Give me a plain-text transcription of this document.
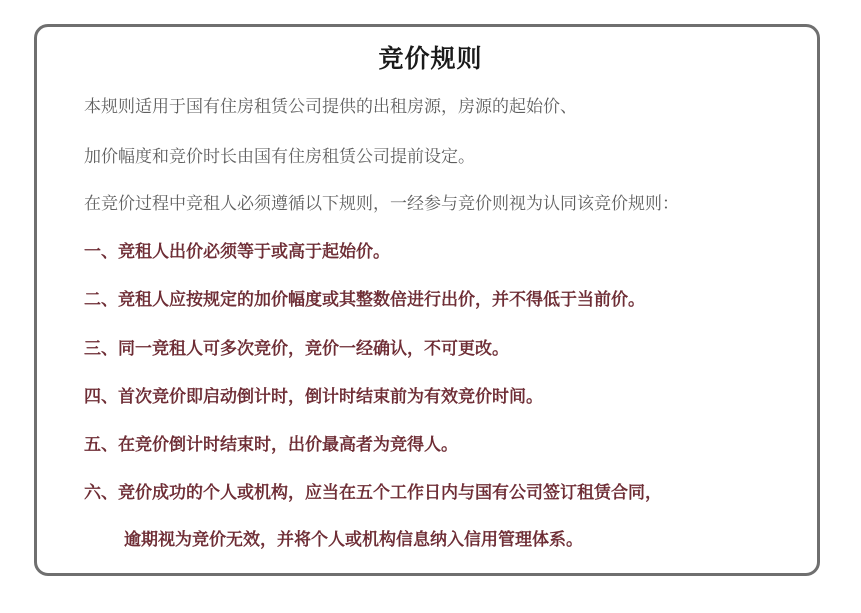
竞价规则

本规则适用于国有住房租赁公司提供的出租房源，房源的起始价、

加价幅度和竞价时长由国有住房租赁公司提前设定。

在竞价过程中竞租人必须遵循以下规则，一经参与竞价则视为认同该竞价规则：

一、竞租人出价必须等于或高于起始价。

二、竞租人应按规定的加价幅度或其整数倍进行出价，并不得低于当前价。

三、同一竞租人可多次竞价，竞价一经确认，不可更改。

四、首次竞价即启动倒计时，倒计时结束前为有效竞价时间。

五、在竞价倒计时结束时，出价最高者为竞得人。

六、竞价成功的个人或机构，应当在五个工作日内与国有公司签订租赁合同，

逾期视为竞价无效，并将个人或机构信息纳入信用管理体系。
